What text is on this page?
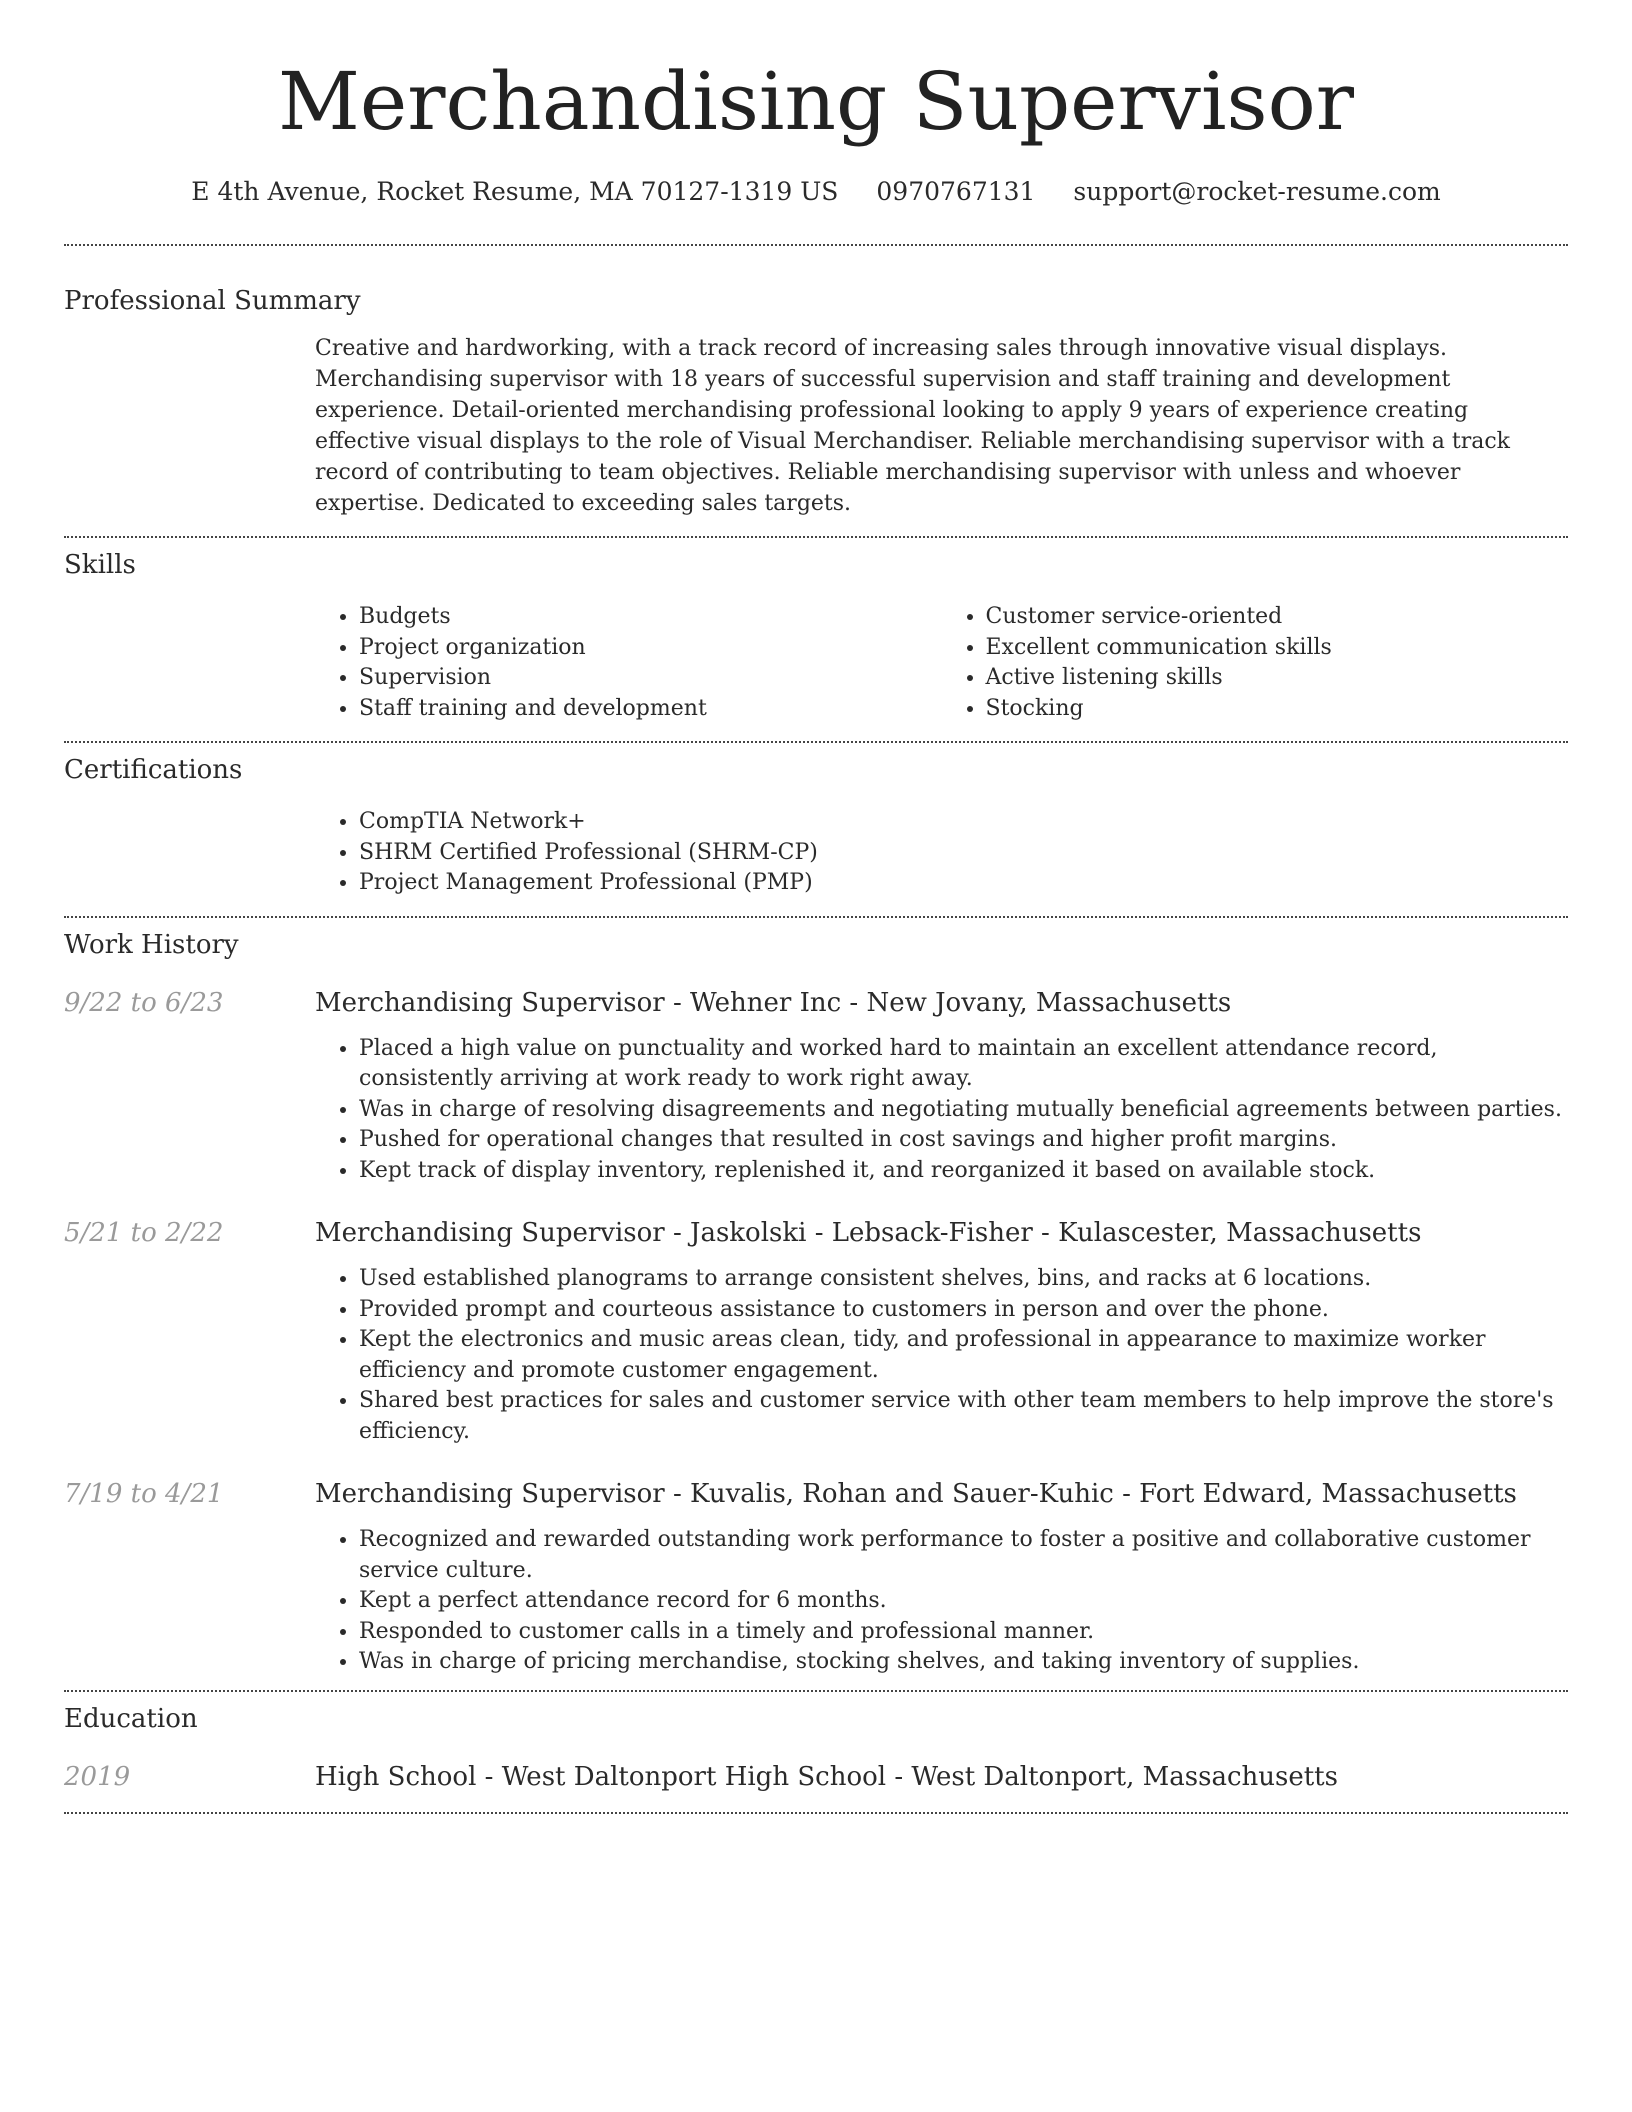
Merchandising Supervisor
E 4th Avenue, Rocket Resume, MA 70127-1319 US 0970767131 support@rocket-resume.com
Professional Summary

Creative and hardworking, with a track record of increasing sales through innovative visual displays. Merchandising supervisor with 18 years of successful supervision and staff training and development experience. Detail-oriented merchandising professional looking to apply 9 years of experience creating effective visual displays to the role of Visual Merchandiser. Reliable merchandising supervisor with a track record of contributing to team objectives. Reliable merchandising supervisor with unless and whoever expertise. Dedicated to exceeding sales targets.

Skills
• Budgets
• Project organization
• Supervision
• Staff training and development
• Customer service-oriented
• Excellent communication skills
• Active listening skills
• Stocking
Certifications
• CompTIA Network+
• SHRM Certified Professional (SHRM-CP)
• Project Management Professional (PMP)
Work History
9/22 to 6/23	Merchandising Supervisor - Wehner Inc - New Jovany, Massachusetts
• Placed a high value on punctuality and worked hard to maintain an excellent attendance record, consistently arriving at work ready to work right away.
• Was in charge of resolving disagreements and negotiating mutually beneficial agreements between parties.
• Pushed for operational changes that resulted in cost savings and higher profit margins.
• Kept track of display inventory, replenished it, and reorganized it based on available stock.
5/21 to 2/22	Merchandising Supervisor - Jaskolski - Lebsack-Fisher - Kulascester, Massachusetts
• Used established planograms to arrange consistent shelves, bins, and racks at 6 locations.
• Provided prompt and courteous assistance to customers in person and over the phone.
• Kept the electronics and music areas clean, tidy, and professional in appearance to maximize worker efficiency and promote customer engagement.
• Shared best practices for sales and customer service with other team members to help improve the store's efficiency.
7/19 to 4/21	Merchandising Supervisor - Kuvalis, Rohan and Sauer-Kuhic - Fort Edward, Massachusetts
• Recognized and rewarded outstanding work performance to foster a positive and collaborative customer service culture.
• Kept a perfect attendance record for 6 months.
• Responded to customer calls in a timely and professional manner.
• Was in charge of pricing merchandise, stocking shelves, and taking inventory of supplies.
Education
2019	High School - West Daltonport High School - West Daltonport, Massachusetts
